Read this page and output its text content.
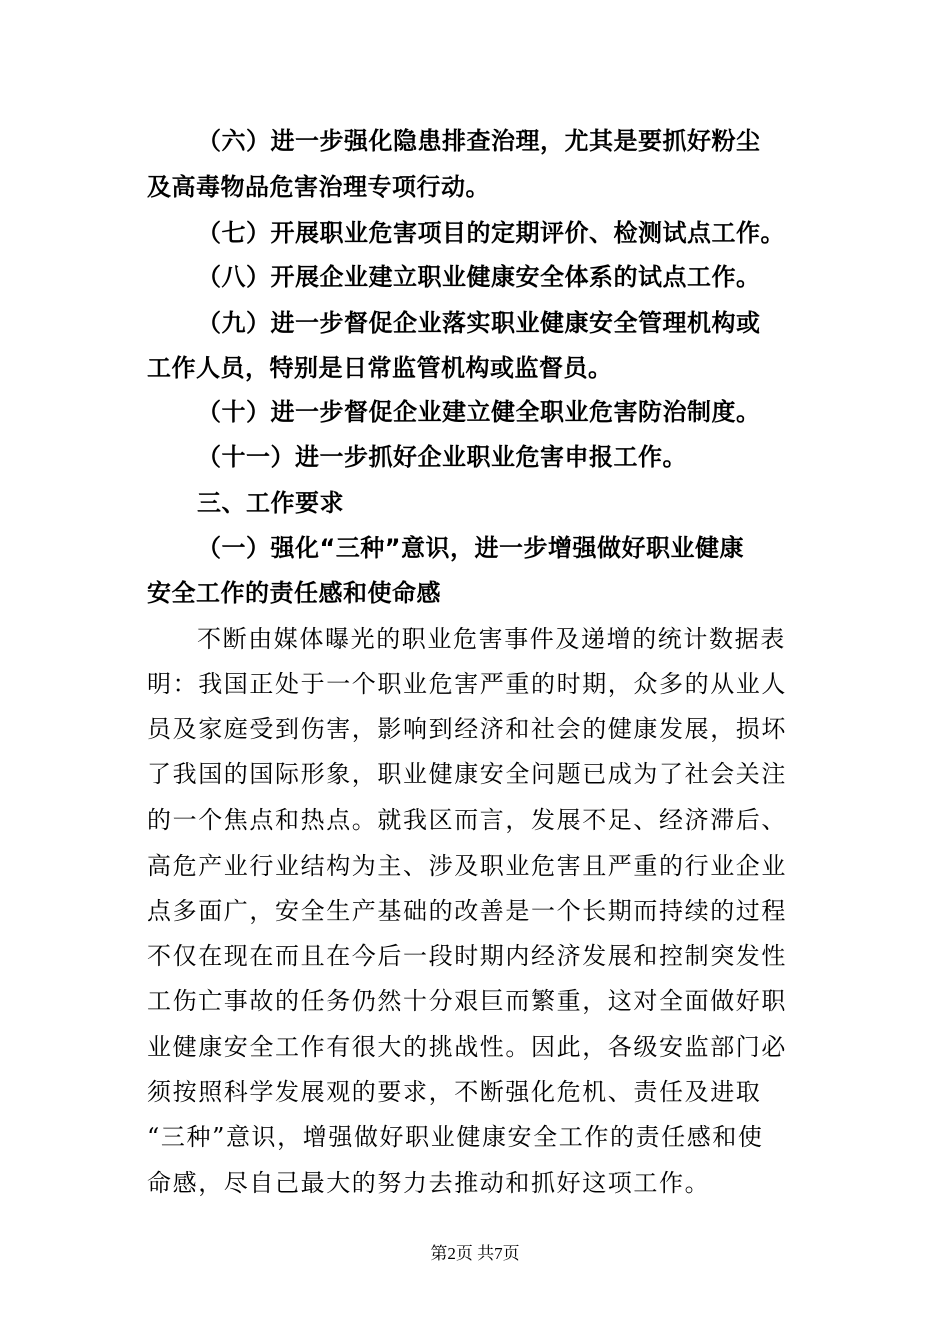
（六）进一步强化隐患排查治理，尤其是要抓好粉尘
及高毒物品危害治理专项行动。
（七）开展职业危害项目的定期评价、检测试点工作。
（八）开展企业建立职业健康安全体系的试点工作。
（九）进一步督促企业落实职业健康安全管理机构或
工作人员，特别是日常监管机构或监督员。
（十）进一步督促企业建立健全职业危害防治制度。
（十一）进一步抓好企业职业危害申报工作。
三、工作要求
（一）强化“三种”意识，进一步增强做好职业健康
安全工作的责任感和使命感
不断由媒体曝光的职业危害事件及递增的统计数据表
明：我国正处于一个职业危害严重的时期，众多的从业人
员及家庭受到伤害，影响到经济和社会的健康发展，损坏
了我国的国际形象，职业健康安全问题已成为了社会关注
的一个焦点和热点。就我区而言，发展不足、经济滞后、
高危产业行业结构为主、涉及职业危害且严重的行业企业
点多面广，安全生产基础的改善是一个长期而持续的过程
不仅在现在而且在今后一段时期内经济发展和控制突发性
工伤亡事故的任务仍然十分艰巨而繁重，这对全面做好职
业健康安全工作有很大的挑战性。因此，各级安监部门必
须按照科学发展观的要求，不断强化危机、责任及进取
“三种”意识，增强做好职业健康安全工作的责任感和使
命感，尽自己最大的努力去推动和抓好这项工作。
第2页 共7页
